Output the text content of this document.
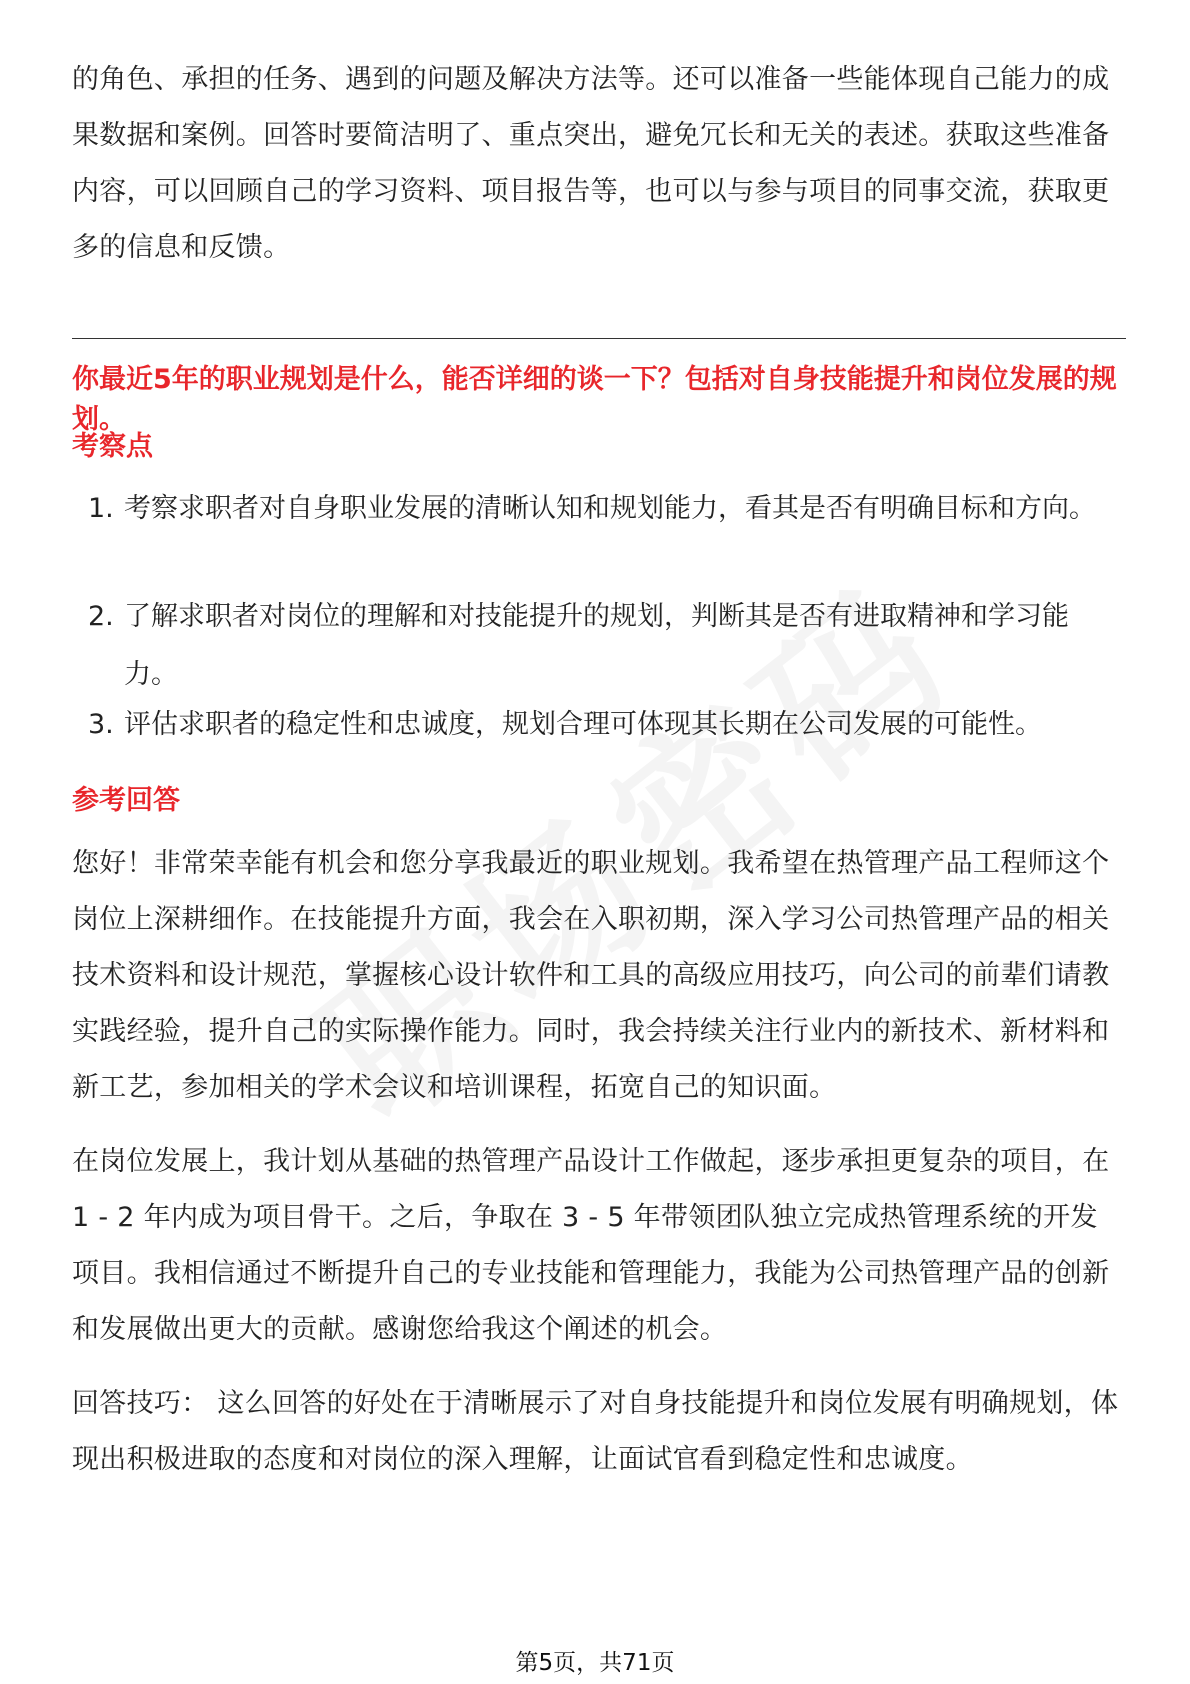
的角色、承担的任务、遇到的问题及解决方法等。还可以准备一些能体现自己能力的成果数据和案例。回答时要简洁明了、重点突出，避免冗长和无关的表述。获取这些准备内容，可以回顾自己的学习资料、项目报告等，也可以与参与项目的同事交流，获取更多的信息和反馈。

你最近5年的职业规划是什么，能否详细的谈一下？包括对自身技能提升和岗位发展的规划。

考察点

1. 考察求职者对自身职业发展的清晰认知和规划能力，看其是否有明确目标和方向。
2. 了解求职者对岗位的理解和对技能提升的规划，判断其是否有进取精神和学习能力。
3. 评估求职者的稳定性和忠诚度，规划合理可体现其长期在公司发展的可能性。

参考回答

您好！非常荣幸能有机会和您分享我最近的职业规划。我希望在热管理产品工程师这个岗位上深耕细作。在技能提升方面，我会在入职初期，深入学习公司热管理产品的相关技术资料和设计规范，掌握核心设计软件和工具的高级应用技巧，向公司的前辈们请教实践经验，提升自己的实际操作能力。同时，我会持续关注行业内的新技术、新材料和新工艺，参加相关的学术会议和培训课程，拓宽自己的知识面。

在岗位发展上，我计划从基础的热管理产品设计工作做起，逐步承担更复杂的项目，在 1 - 2 年内成为项目骨干。之后，争取在 3 - 5 年带领团队独立完成热管理系统的开发项目。我相信通过不断提升自己的专业技能和管理能力，我能为公司热管理产品的创新和发展做出更大的贡献。感谢您给我这个阐述的机会。

回答技巧： 这么回答的好处在于清晰展示了对自身技能提升和岗位发展有明确规划，体现出积极进取的态度和对岗位的深入理解，让面试官看到稳定性和忠诚度。

第5页，共71页
